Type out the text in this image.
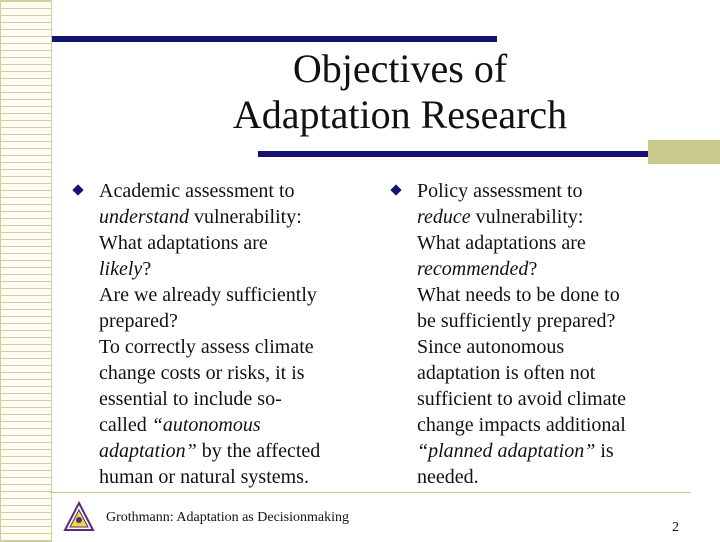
Objectives of
Adaptation Research
Academic assessment to
understand vulnerability:
What adaptations are
likely?
Are we already sufficiently
prepared?
To correctly assess climate
change costs or risks, it is
essential to include so-
called “autonomous
adaptation” by the affected
human or natural systems.
Policy assessment to
reduce vulnerability:
What adaptations are
recommended?
What needs to be done to
be sufficiently prepared?
Since autonomous
adaptation is often not
sufficient to avoid climate
change impacts additional
“planned adaptation” is
needed.
Grothmann: Adaptation as Decisionmaking
2
